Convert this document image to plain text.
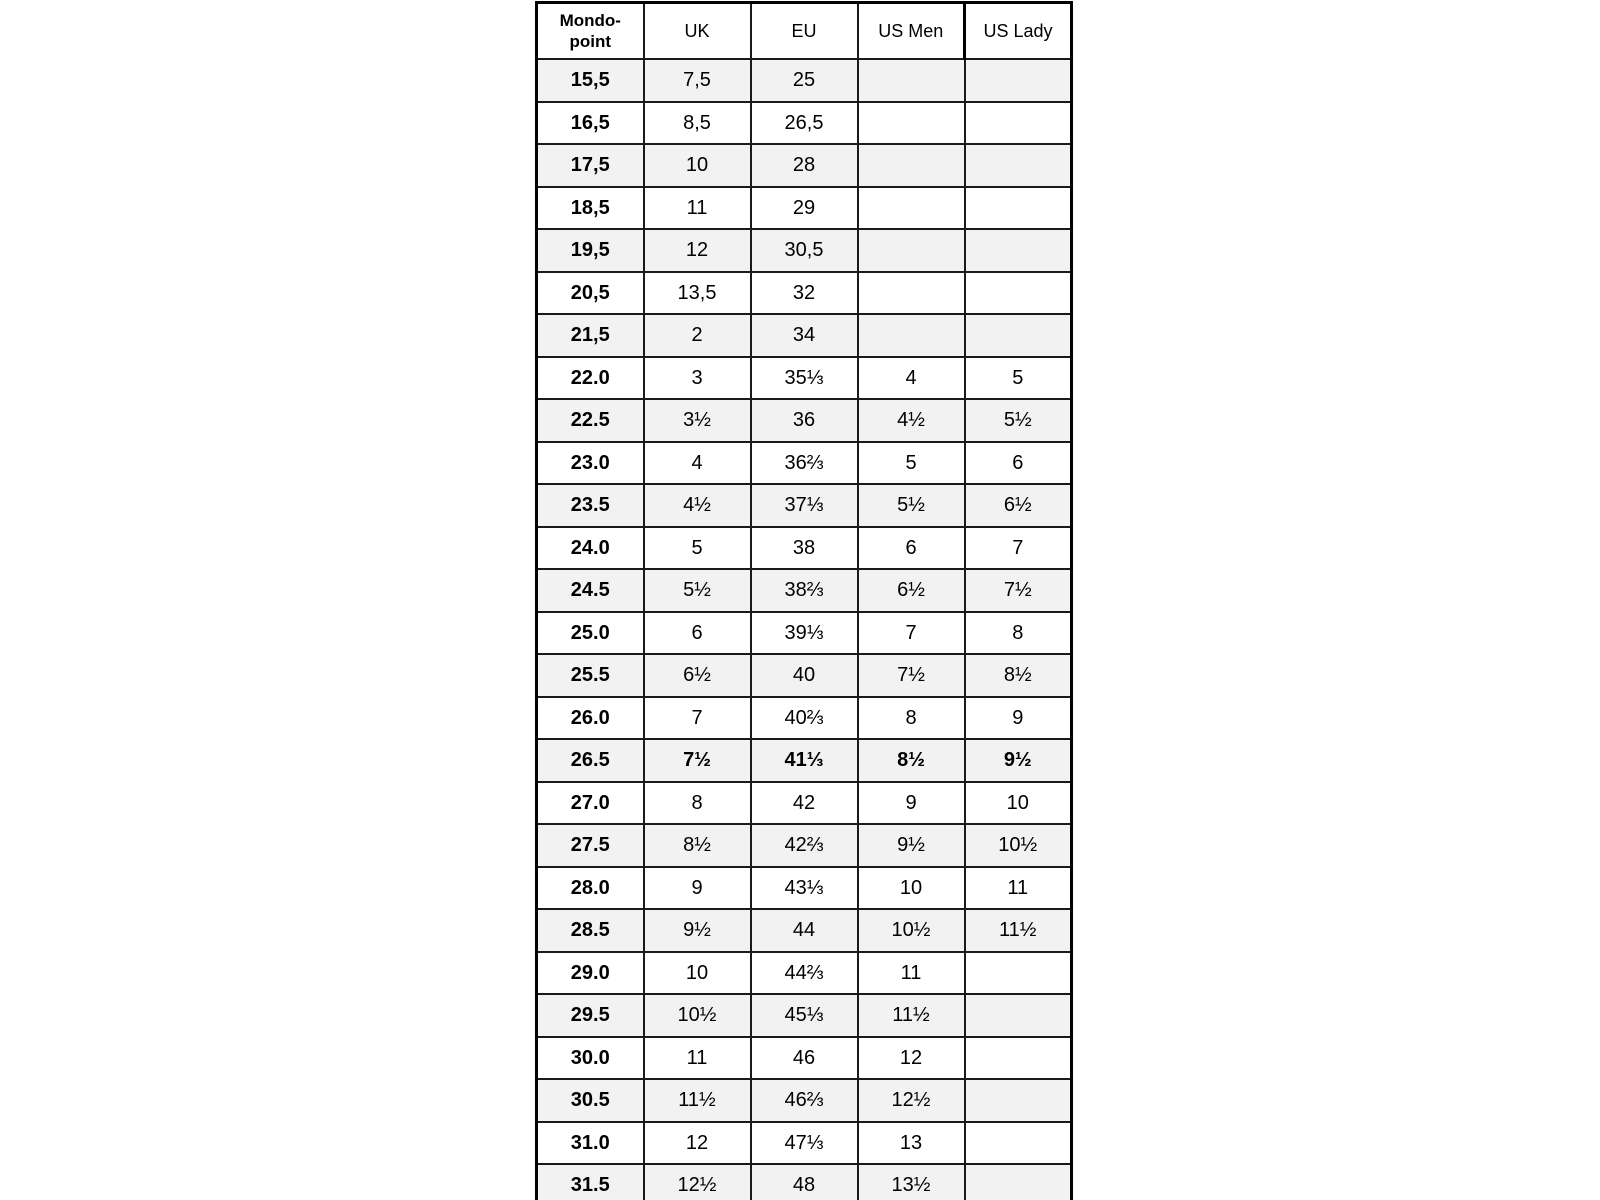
Mondo-
point	UK	EU	US Men	US Lady
15,5	7,5	25		
16,5	8,5	26,5		
17,5	10	28		
18,5	11	29		
19,5	12	30,5		
20,5	13,5	32		
21,5	2	34		
22.0	3	35⅓	4	5
22.5	3½	36	4½	5½
23.0	4	36⅔	5	6
23.5	4½	37⅓	5½	6½
24.0	5	38	6	7
24.5	5½	38⅔	6½	7½
25.0	6	39⅓	7	8
25.5	6½	40	7½	8½
26.0	7	40⅔	8	9
26.5	7½	41⅓	8½	9½
27.0	8	42	9	10
27.5	8½	42⅔	9½	10½
28.0	9	43⅓	10	11
28.5	9½	44	10½	11½
29.0	10	44⅔	11	
29.5	10½	45⅓	11½	
30.0	11	46	12	
30.5	11½	46⅔	12½	
31.0	12	47⅓	13	
31.5	12½	48	13½	
